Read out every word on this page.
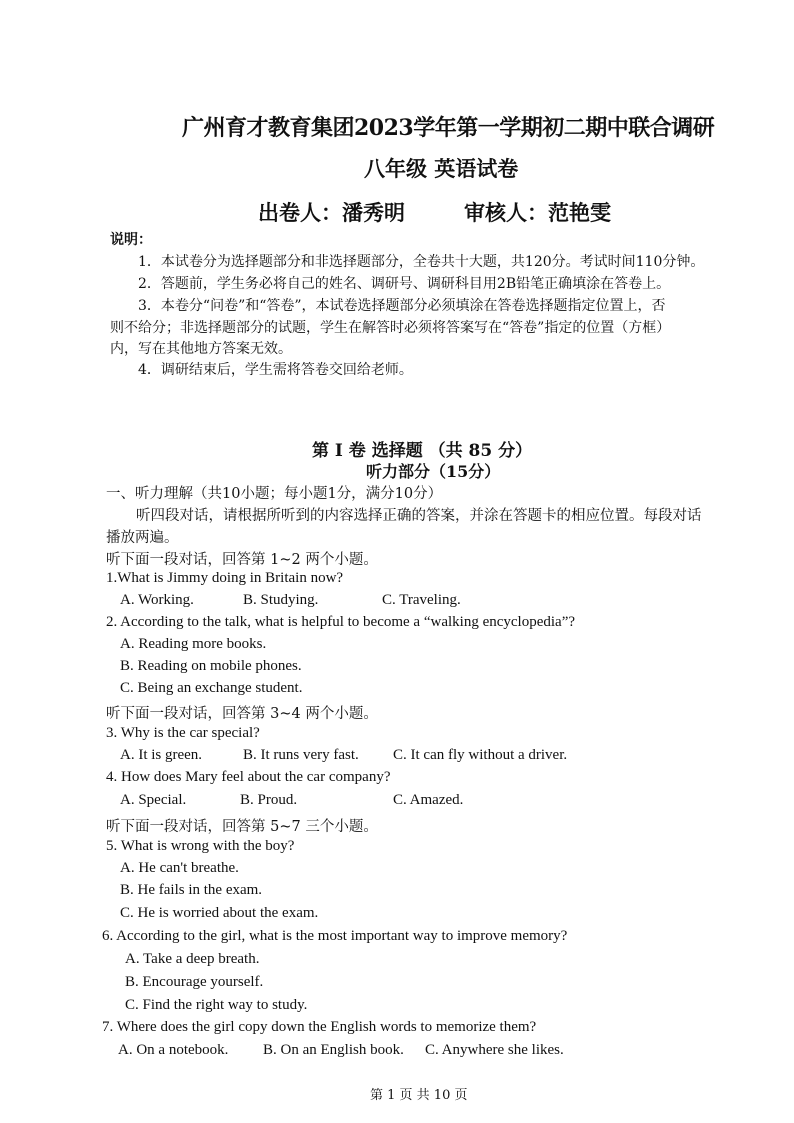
广州育才教育集团2023学年第一学期初二期中联合调研
八年级 英语试卷
出卷人：潘秀明	审核人：范艳雯
说明：
1．本试卷分为选择题部分和非选择题部分，全卷共十大题，共120分。考试时间110分钟。
2．答题前，学生务必将自己的姓名、调研号、调研科目用2B铅笔正确填涂在答卷上。
3．本卷分“问卷”和“答卷”，本试卷选择题部分必须填涂在答卷选择题指定位置上，否
则不给分；非选择题部分的试题，学生在解答时必须将答案写在“答卷”指定的位置（方框）
内，写在其他地方答案无效。
4．调研结束后，学生需将答卷交回给老师。
第 Ⅰ 卷 选择题 （共 85 分）
听力部分（15分）
一、听力理解（共10小题；每小题1分，满分10分）
听四段对话，请根据所听到的内容选择正确的答案，并涂在答题卡的相应位置。每段对话
播放两遍。
听下面一段对话，回答第 1~2 两个小题。
1.What is Jimmy doing in Britain now?
A. Working.	B. Studying.	C. Traveling.
2. According to the talk, what is helpful to become a “walking encyclopedia”?
A. Reading more books.
B. Reading on mobile phones.
C. Being an exchange student.
听下面一段对话，回答第 3~4 两个小题。
3. Why is the car special?
A. It is green.	B. It runs very fast. C. It can fly without a driver.
4. How does Mary feel about the car company?
A. Special.	B. Proud.	C. Amazed.
听下面一段对话，回答第 5~7 三个小题。
5. What is wrong with the boy?
A. He can't breathe.
B. He fails in the exam.
C. He is worried about the exam.
6. According to the girl, what is the most important way to improve memory?
A. Take a deep breath.
B. Encourage yourself.
C. Find the right way to study.
7. Where does the girl copy down the English words to memorize them?
A. On a notebook. B. On an English book. C. Anywhere she likes.
第 1 页 共 10 页
